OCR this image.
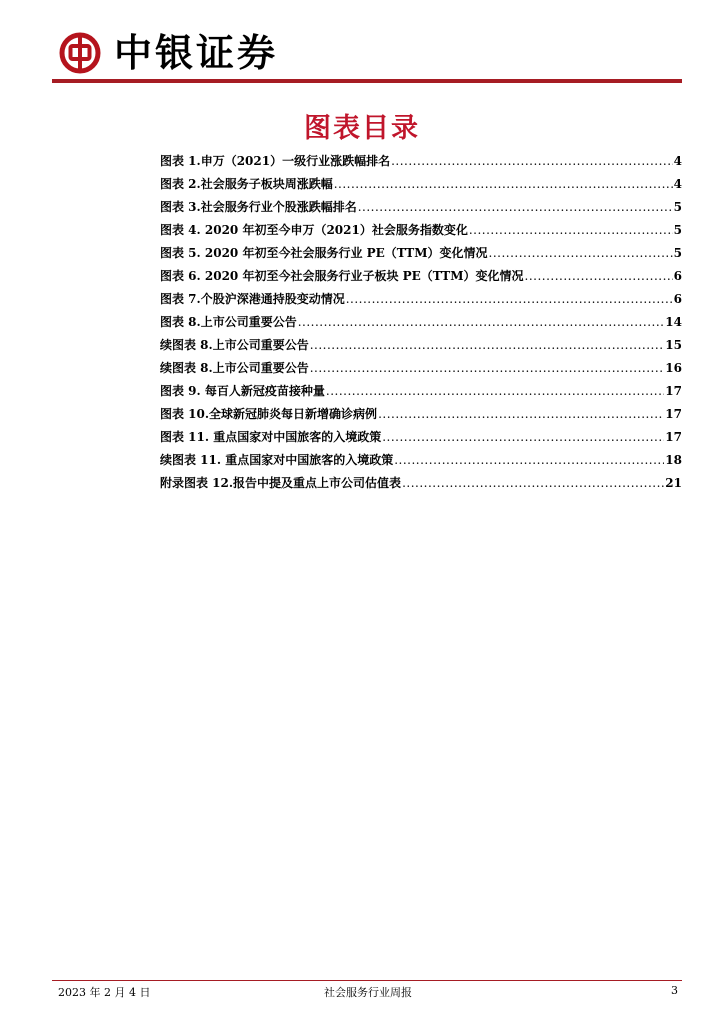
中银证券
图表目录
图表 1.申万（2021）一级行业涨跌幅排名 .....	4
图表 2.社会服务子板块周涨跌幅 .....	4
图表 3.社会服务行业个股涨跌幅排名 .....	5
图表 4. 2020 年初至今申万（2021）社会服务指数变化 .....	5
图表 5. 2020 年初至今社会服务行业 PE（TTM）变化情况 .....	5
图表 6. 2020 年初至今社会服务行业子板块 PE（TTM）变化情况 .....	6
图表 7.个股沪深港通持股变动情况 .....	6
图表 8.上市公司重要公告 .....	14
续图表 8.上市公司重要公告 .....	15
续图表 8.上市公司重要公告 .....	16
图表 9. 每百人新冠疫苗接种量 .....	17
图表 10.全球新冠肺炎每日新增确诊病例 .....	17
图表 11. 重点国家对中国旅客的入境政策 .....	17
续图表 11. 重点国家对中国旅客的入境政策 .....	18
附录图表 12.报告中提及重点上市公司估值表 .....	21
2023 年 2 月 4 日	社会服务行业周报	3
